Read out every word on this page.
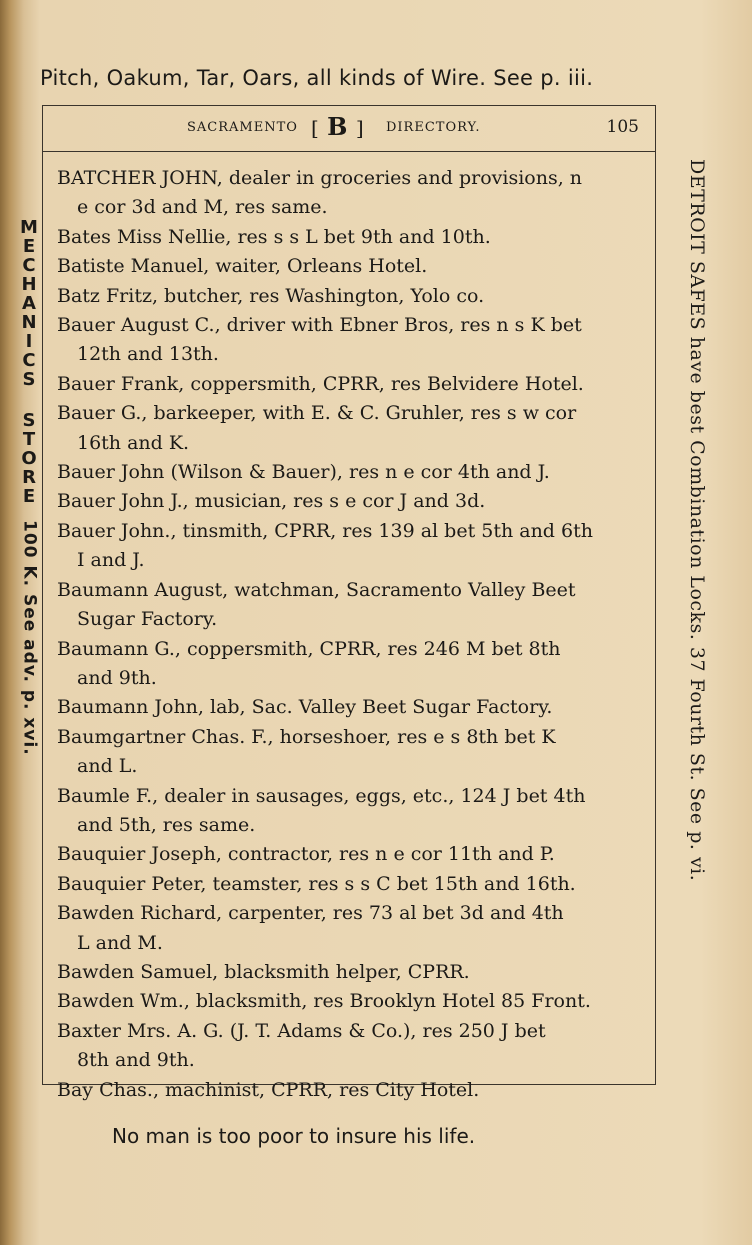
Pitch, Oakum, Tar, Oars, all kinds of Wire. See p. iii.
M
E
C
H
A
N
I
C
S
S
T
O
R
E
100 K. See adv. p. xvi.
SACRAMENTO [ B ] DIRECTORY.	105
BATCHER JOHN, dealer in groceries and provisions, n
e cor 3d and M, res same.
Bates Miss Nellie, res s s L bet 9th and 10th.
Batiste Manuel, waiter, Orleans Hotel.
Batz Fritz, butcher, res Washington, Yolo co.
Bauer August C., driver with Ebner Bros, res n s K bet
12th and 13th.
Bauer Frank, coppersmith, CPRR, res Belvidere Hotel.
Bauer G., barkeeper, with E. & C. Gruhler, res s w cor
16th and K.
Bauer John (Wilson & Bauer), res n e cor 4th and J.
Bauer John J., musician, res s e cor J and 3d.
Bauer John., tinsmith, CPRR, res 139 al bet 5th and 6th
I and J.
Baumann August, watchman, Sacramento Valley Beet
Sugar Factory.
Baumann G., coppersmith, CPRR, res 246 M bet 8th
and 9th.
Baumann John, lab, Sac. Valley Beet Sugar Factory.
Baumgartner Chas. F., horseshoer, res e s 8th bet K
and L.
Baumle F., dealer in sausages, eggs, etc., 124 J bet 4th
and 5th, res same.
Bauquier Joseph, contractor, res n e cor 11th and P.
Bauquier Peter, teamster, res s s C bet 15th and 16th.
Bawden Richard, carpenter, res 73 al bet 3d and 4th
L and M.
Bawden Samuel, blacksmith helper, CPRR.
Bawden Wm., blacksmith, res Brooklyn Hotel 85 Front.
Baxter Mrs. A. G. (J. T. Adams & Co.), res 250 J bet
8th and 9th.
Bay Chas., machinist, CPRR, res City Hotel.
No man is too poor to insure his life.
DETROIT SAFES have best Combination Locks. 37 Fourth St. See p. vi.
